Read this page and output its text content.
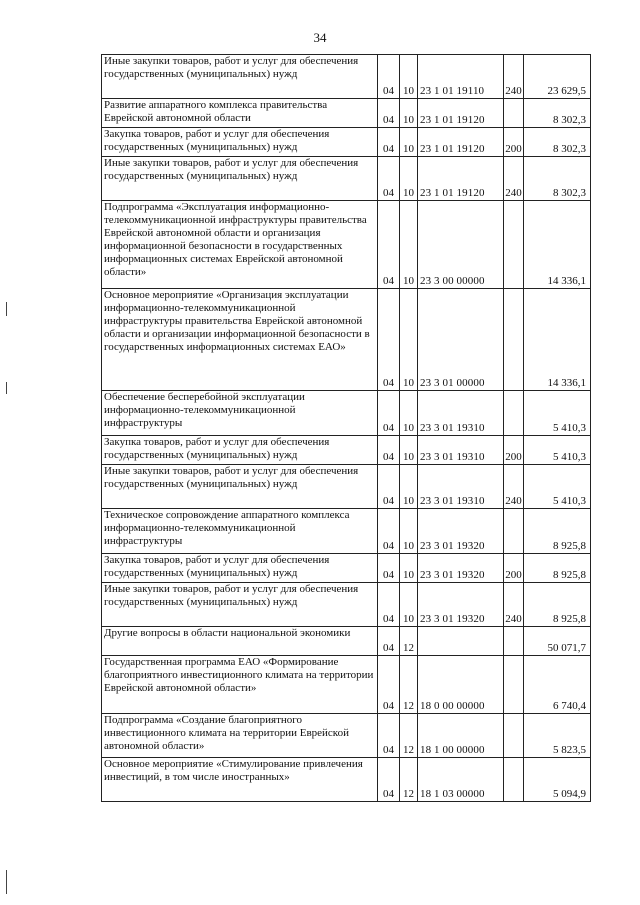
34
Иные закупки товаров, работ и услуг для обеспечения государственных (муниципальных) нужд	04	10	23 1 01 19110	240	23 629,5
Развитие аппаратного комплекса правительства Еврейской автономной области	04	10	23 1 01 19120		8 302,3
Закупка товаров, работ и услуг для обеспечения государственных (муниципальных) нужд	04	10	23 1 01 19120	200	8 302,3
Иные закупки товаров, работ и услуг для обеспечения государственных (муниципальных) нужд	04	10	23 1 01 19120	240	8 302,3
Подпрограмма «Эксплуатация информационно-телекоммуникационной инфраструктуры правительства Еврейской автономной области и организация информационной безопасности в государственных информационных системах Еврейской автономной области»	04	10	23 3 00 00000		14 336,1
Основное мероприятие «Организация эксплуатации информационно-телекоммуникационной инфраструктуры правительства Еврейской автономной области и организации информационной безопасности в государственных информационных системах ЕАО»	04	10	23 3 01 00000		14 336,1
Обеспечение бесперебойной эксплуатации информационно-телекоммуникационной инфраструктуры	04	10	23 3 01 19310		5 410,3
Закупка товаров, работ и услуг для обеспечения государственных (муниципальных) нужд	04	10	23 3 01 19310	200	5 410,3
Иные закупки товаров, работ и услуг для обеспечения государственных (муниципальных) нужд	04	10	23 3 01 19310	240	5 410,3
Техническое сопровождение аппаратного комплекса информационно-телекоммуникационной инфраструктуры	04	10	23 3 01 19320		8 925,8
Закупка товаров, работ и услуг для обеспечения государственных (муниципальных) нужд	04	10	23 3 01 19320	200	8 925,8
Иные закупки товаров, работ и услуг для обеспечения государственных (муниципальных) нужд	04	10	23 3 01 19320	240	8 925,8
Другие вопросы в области национальной экономики	04	12			50 071,7
Государственная программа ЕАО «Формирование благоприятного инвестиционного климата на территории Еврейской автономной области»	04	12	18 0 00 00000		6 740,4
Подпрограмма «Создание благоприятного инвестиционного климата на территории Еврейской автономной области»	04	12	18 1 00 00000		5 823,5
Основное мероприятие «Стимулирование привлечения инвестиций, в том числе иностранных»	04	12	18 1 03 00000		5 094,9
